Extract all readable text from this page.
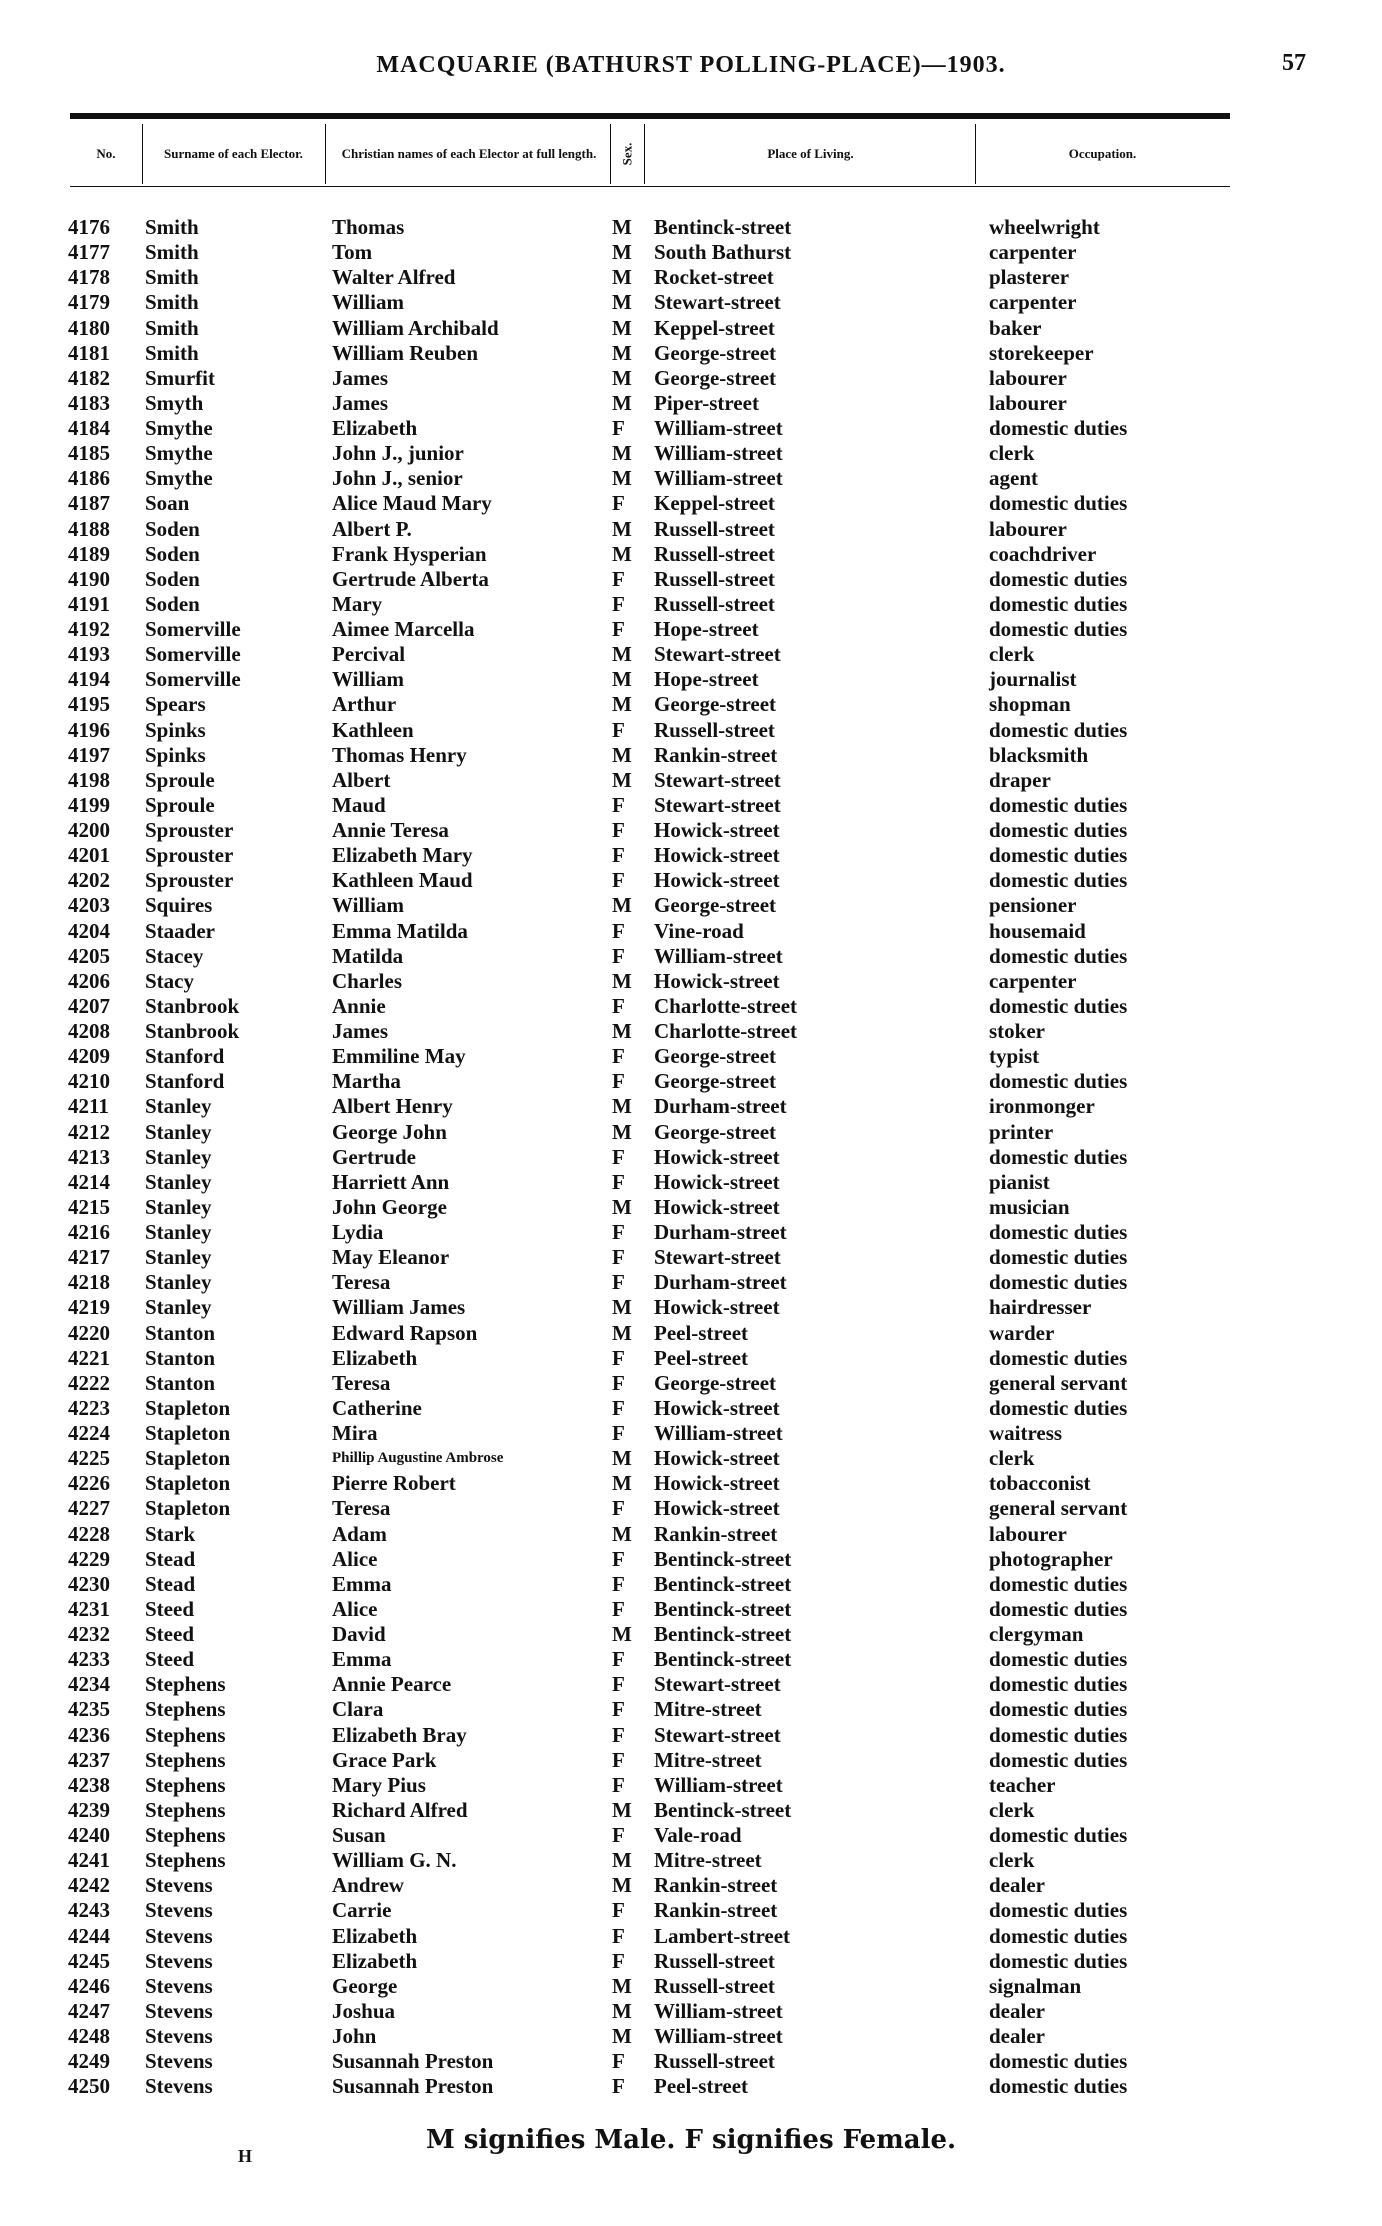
MACQUARIE (BATHURST POLLING-PLACE)—1903.	57
No.	Surname of each Elector.	Christian names of each Elector at full length.	Sex.	Place of Living.	Occupation.
4176	Smith	Thomas	M Bentinck-street	wheelwright
4177	Smith	Tom	M South Bathurst	carpenter
4178	Smith	Walter Alfred	M Rocket-street	plasterer
4179	Smith	William	M Stewart-street	carpenter
4180	Smith	William Archibald	M Keppel-street	baker
4181	Smith	William Reuben	M George-street	storekeeper
4182	Smurfit	James	M George-street	labourer
4183	Smyth	James	M Piper-street	labourer
4184	Smythe	Elizabeth	F William-street	domestic duties
4185	Smythe	John J., junior	M William-street	clerk
4186	Smythe	John J., senior	M William-street	agent
4187	Soan	Alice Maud Mary	F Keppel-street	domestic duties
4188	Soden	Albert P.	M Russell-street	labourer
4189	Soden	Frank Hysperian	M Russell-street	coachdriver
4190	Soden	Gertrude Alberta	F Russell-street	domestic duties
4191	Soden	Mary	F Russell-street	domestic duties
4192	Somerville	Aimee Marcella	F Hope-street	domestic duties
4193	Somerville	Percival	M Stewart-street	clerk
4194	Somerville	William	M Hope-street	journalist
4195	Spears	Arthur	M George-street	shopman
4196	Spinks	Kathleen	F Russell-street	domestic duties
4197	Spinks	Thomas Henry	M Rankin-street	blacksmith
4198	Sproule	Albert	M Stewart-street	draper
4199	Sproule	Maud	F Stewart-street	domestic duties
4200	Sprouster	Annie Teresa	F Howick-street	domestic duties
4201	Sprouster	Elizabeth Mary	F Howick-street	domestic duties
4202	Sprouster	Kathleen Maud	F Howick-street	domestic duties
4203	Squires	William	M George-street	pensioner
4204	Staader	Emma Matilda	F Vine-road	housemaid
4205	Stacey	Matilda	F William-street	domestic duties
4206	Stacy	Charles	M Howick-street	carpenter
4207	Stanbrook	Annie	F Charlotte-street	domestic duties
4208	Stanbrook	James	M Charlotte-street	stoker
4209	Stanford	Emmiline May	F George-street	typist
4210	Stanford	Martha	F George-street	domestic duties
4211	Stanley	Albert Henry	M Durham-street	ironmonger
4212	Stanley	George John	M George-street	printer
4213	Stanley	Gertrude	F Howick-street	domestic duties
4214	Stanley	Harriett Ann	F Howick-street	pianist
4215	Stanley	John George	M Howick-street	musician
4216	Stanley	Lydia	F Durham-street	domestic duties
4217	Stanley	May Eleanor	F Stewart-street	domestic duties
4218	Stanley	Teresa	F Durham-street	domestic duties
4219	Stanley	William James	M Howick-street	hairdresser
4220	Stanton	Edward Rapson	M Peel-street	warder
4221	Stanton	Elizabeth	F Peel-street	domestic duties
4222	Stanton	Teresa	F George-street	general servant
4223	Stapleton	Catherine	F Howick-street	domestic duties
4224	Stapleton	Mira	F William-street	waitress
4225	Stapleton	Phillip Augustine Ambrose	M Howick-street	clerk
4226	Stapleton	Pierre Robert	M Howick-street	tobacconist
4227	Stapleton	Teresa	F Howick-street	general servant
4228	Stark	Adam	M Rankin-street	labourer
4229	Stead	Alice	F Bentinck-street	photographer
4230	Stead	Emma	F Bentinck-street	domestic duties
4231	Steed	Alice	F Bentinck-street	domestic duties
4232	Steed	David	M Bentinck-street	clergyman
4233	Steed	Emma	F Bentinck-street	domestic duties
4234	Stephens	Annie Pearce	F Stewart-street	domestic duties
4235	Stephens	Clara	F Mitre-street	domestic duties
4236	Stephens	Elizabeth Bray	F Stewart-street	domestic duties
4237	Stephens	Grace Park	F Mitre-street	domestic duties
4238	Stephens	Mary Pius	F William-street	teacher
4239	Stephens	Richard Alfred	M Bentinck-street	clerk
4240	Stephens	Susan	F Vale-road	domestic duties
4241	Stephens	William G. N.	M Mitre-street	clerk
4242	Stevens	Andrew	M Rankin-street	dealer
4243	Stevens	Carrie	F Rankin-street	domestic duties
4244	Stevens	Elizabeth	F Lambert-street	domestic duties
4245	Stevens	Elizabeth	F Russell-street	domestic duties
4246	Stevens	George	M Russell-street	signalman
4247	Stevens	Joshua	M William-street	dealer
4248	Stevens	John	M William-street	dealer
4249	Stevens	Susannah Preston	F Russell-street	domestic duties
4250	Stevens	Susannah Preston	F Peel-street	domestic duties
M signifies Male. F signifies Female.
H
